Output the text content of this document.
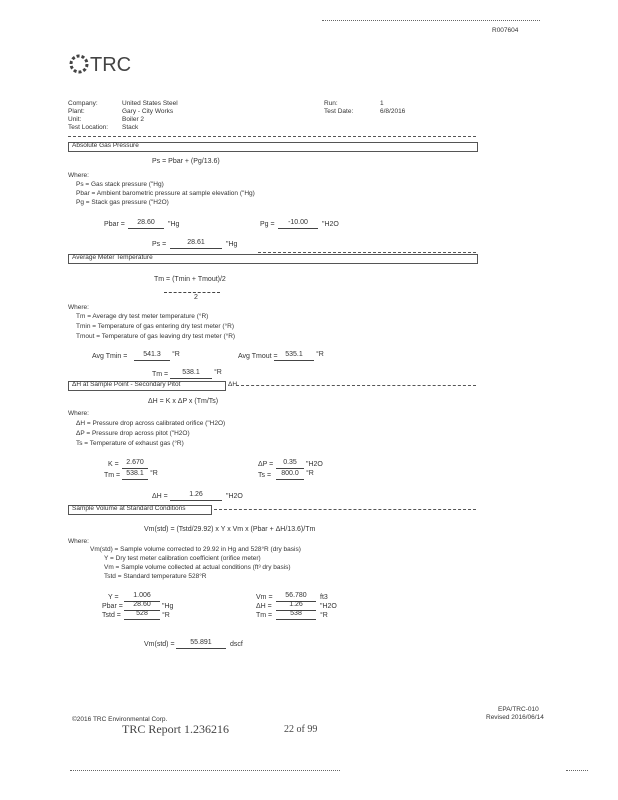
R007604
TRC
Company:	United States Steel
Plant:	Gary - City Works
Unit:	Boiler 2
Test Location: Stack
Run:	1
Test Date:	6/8/2016
Absolute Gas Pressure
Ps = Pbar + (Pg/13.6)
Where:
Ps = Gas stack pressure ("Hg)
Pbar = Ambient barometric pressure at sample elevation ("Hg)
Pg = Stack gas pressure ("H2O)
Pbar =	28.60	"Hg	Pg =	-10.00	"H2O
Ps =	28.61	"Hg
Average Meter Temperature
Tm = (Tmin + Tmout)/2
2
Where:
Tm = Average dry test meter temperature (°R)
Tmin = Temperature of gas entering dry test meter (°R)
Tmout = Temperature of gas leaving dry test meter (°R)
Avg Tmin =	541.3	°R	Avg Tmout =	535.1	°R
Tm =	538.1	°R
ΔH at Sample Point - Secondary Pitot	ΔH
ΔH = K x ΔP x (Tm/Ts)
Where:
ΔH = Pressure drop across calibrated orifice ("H2O)
ΔP = Pressure drop across pitot ("H2O)
Ts = Temperature of exhaust gas (°R)
K =	2.670	ΔP =	0.35	"H2O
Tm = 538.1 °R	Ts =	800.0	°R
ΔH =	1.26	"H2O
Sample Volume at Standard Conditions
Vm(std) = (Tstd/29.92) x Y x Vm x (Pbar + ΔH/13.6)/Tm
Where:
Vm(std) = Sample volume corrected to 29.92 in Hg and 528°R (dry basis)
Y = Dry test meter calibration coefficient (orifice meter)
Vm = Sample volume collected at actual conditions (ft³ dry basis)
Tstd = Standard temperature 528°R
Y =	1.006	Vm =	56.780	ft3
Pbar =	28.60	"Hg	ΔH =	1.26	"H2O
Tstd =	528	°R	Tm =	538	°R
Vm(std) =	55.891	dscf
©2016 TRC Environmental Corp.
TRC Report 1.236216	22 of 99
EPA/TRC-010
Revised 2016/06/14
